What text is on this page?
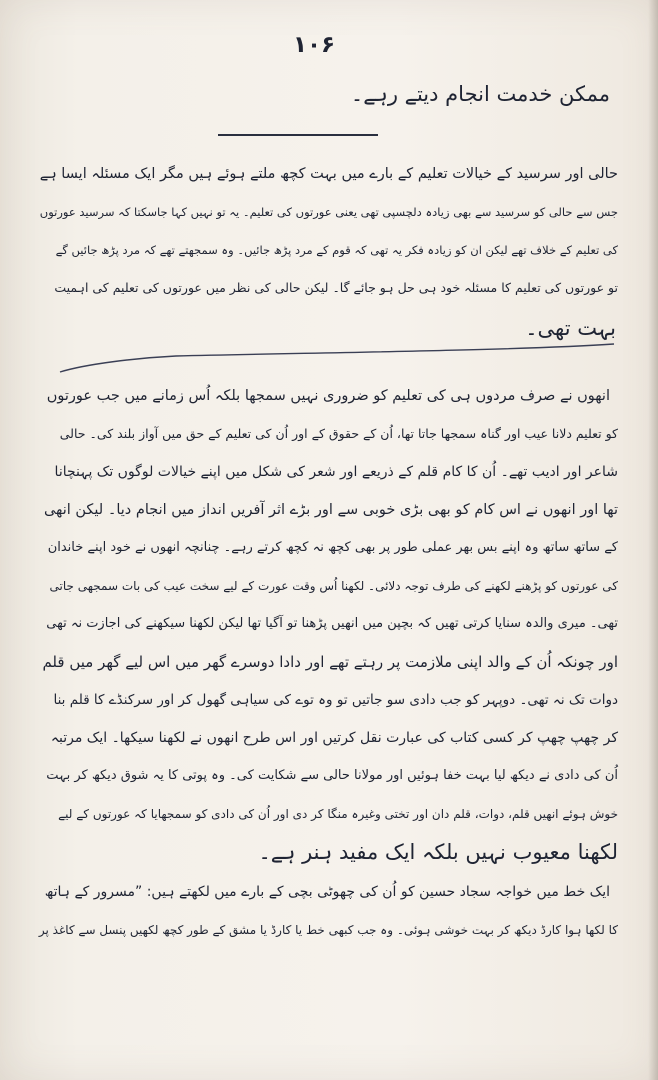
۱۰۶
ممکن خدمت انجام دیتے رہے۔
حالی اور سرسید کے خیالات تعلیم کے بارے میں بہت کچھ ملتے ہوئے ہیں مگر ایک مسئلہ ایسا ہے
جس سے حالی کو سرسید سے بھی زیادہ دلچسپی تھی یعنی عورتوں کی تعلیم۔ یہ تو نہیں کہا جاسکتا کہ سرسید عورتوں
کی تعلیم کے خلاف تھے لیکن ان کو زیادہ فکر یہ تھی کہ قوم کے مرد پڑھ جائیں۔ وہ سمجھتے تھے کہ مرد پڑھ جائیں گے
تو عورتوں کی تعلیم کا مسئلہ خود ہی حل ہو جائے گا۔ لیکن حالی کی نظر میں عورتوں کی تعلیم کی اہمیت
بہت تھی۔
انھوں نے صرف مردوں ہی کی تعلیم کو ضروری نہیں سمجھا بلکہ اُس زمانے میں جب عورتوں
کو تعلیم دلانا عیب اور گناہ سمجھا جاتا تھا، اُن کے حقوق کے اور اُن کی تعلیم کے حق میں آواز بلند کی۔ حالی
شاعر اور ادیب تھے۔ اُن کا کام قلم کے ذریعے اور شعر کی شکل میں اپنے خیالات لوگوں تک پہنچانا
تھا اور انھوں نے اس کام کو بھی بڑی خوبی سے اور بڑے اثر آفریں انداز میں انجام دیا۔ لیکن انھی
کے ساتھ ساتھ وہ اپنے بس بھر عملی طور پر بھی کچھ نہ کچھ کرتے رہے۔ چنانچہ انھوں نے خود اپنے خاندان
کی عورتوں کو پڑھنے لکھنے کی طرف توجہ دلائی۔ لکھنا اُس وقت عورت کے لیے سخت عیب کی بات سمجھی جاتی
تھی۔ میری والدہ سنایا کرتی تھیں کہ بچپن میں انھیں پڑھنا تو آگیا تھا لیکن لکھنا سیکھنے کی اجازت نہ تھی
اور چونکہ اُن کے والد اپنی ملازمت پر رہتے تھے اور دادا دوسرے گھر میں اس لیے گھر میں قلم
دوات تک نہ تھی۔ دوپہر کو جب دادی سو جاتیں تو وہ توے کی سیاہی گھول کر اور سرکنڈے کا قلم بنا
کر چھپ چھپ کر کسی کتاب کی عبارت نقل کرتیں اور اس طرح انھوں نے لکھنا سیکھا۔ ایک مرتبہ
اُن کی دادی نے دیکھ لیا بہت خفا ہوئیں اور مولانا حالی سے شکایت کی۔ وہ پوتی کا یہ شوق دیکھ کر بہت
خوش ہوئے انھیں قلم، دوات، قلم دان اور تختی وغیرہ منگا کر دی اور اُن کی دادی کو سمجھایا کہ عورتوں کے لیے
لکھنا معیوب نہیں بلکہ ایک مفید ہنر ہے۔
ایک خط میں خواجہ سجاد حسین کو اُن کی چھوٹی بچی کے بارے میں لکھتے ہیں: ”مسرور کے ہاتھ
کا لکھا ہوا کارڈ دیکھ کر بہت خوشی ہوئی۔ وہ جب کبھی خط یا کارڈ یا مشق کے طور کچھ لکھیں پنسل سے کاغذ پر
